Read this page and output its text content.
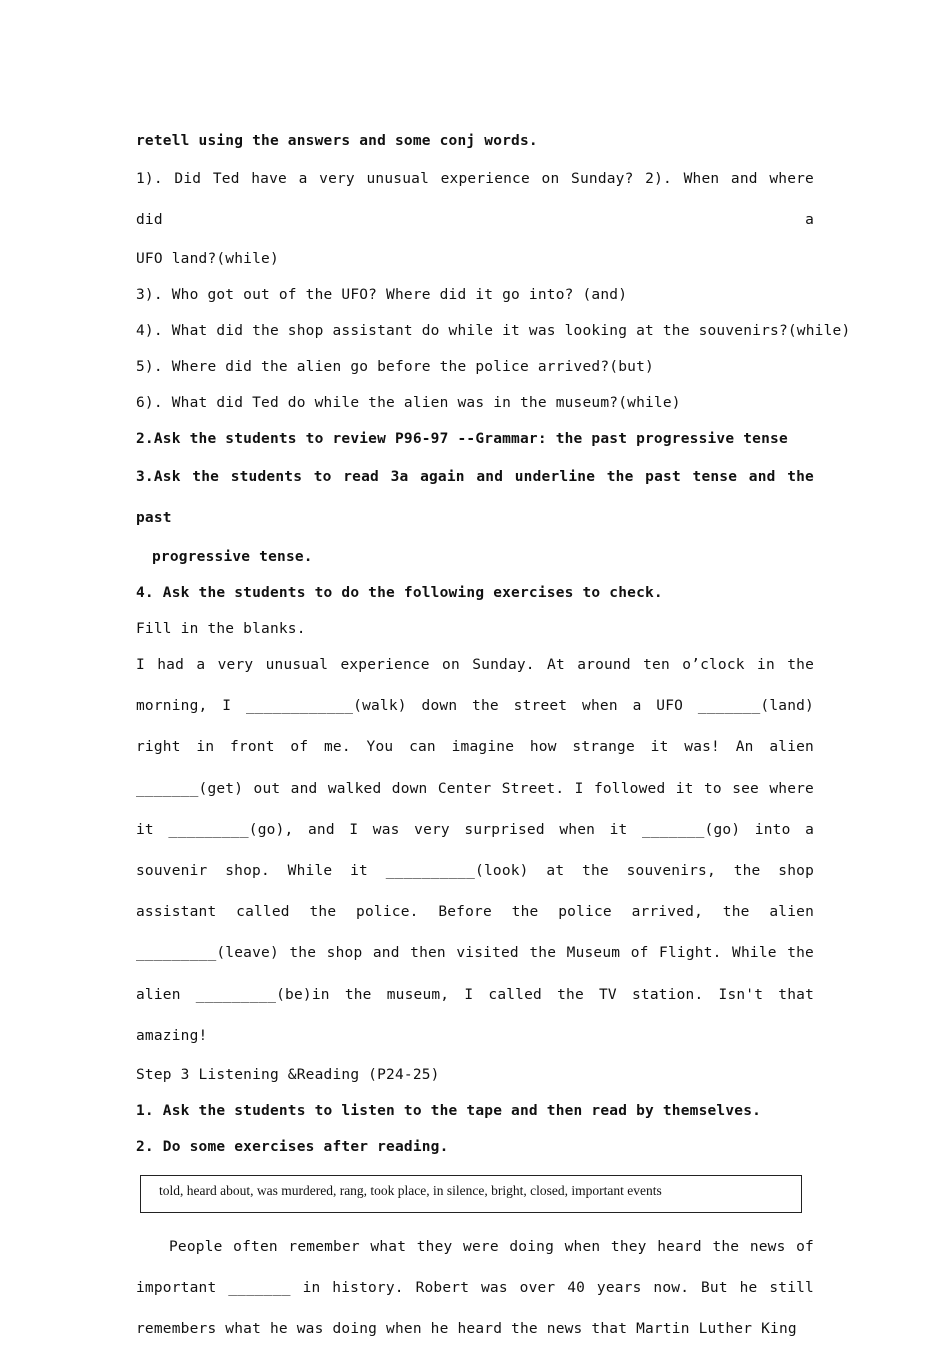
retell using the answers and some conj words.

1). Did Ted have a very unusual experience on Sunday? 2). When and where did a

UFO land?(while)

3). Who got out of the UFO? Where did it go into? (and)

4). What did the shop assistant do while it was looking at the souvenirs?(while)

5). Where did the alien go before the police arrived?(but)

6). What did Ted do while the alien was in the museum?(while)

2.Ask the students to review P96-97 --Grammar: the past progressive tense

3.Ask the students to read 3a again and underline the past tense and the past

progressive tense.

4. Ask the students to do the following exercises to check.

Fill in the blanks.

I had a very unusual experience on Sunday. At around ten o’clock in the morning, I ____________(walk) down the street when a UFO _______(land) right in front of me. You can imagine how strange it was! An alien _______(get) out and walked down Center Street. I followed it to see where it _________(go), and I was very surprised when it _______(go) into a souvenir shop. While it __________(look) at the souvenirs, the shop assistant called the police. Before the police arrived, the alien _________(leave) the shop and then visited the Museum of Flight. While the alien _________(be)in the museum, I called the TV station. Isn't that amazing!

Step 3 Listening &Reading (P24-25)

1. Ask the students to listen to the tape and then read by themselves.

2. Do some exercises after reading.

told, heard about, was murdered, rang, took place, in silence, bright, closed, important events

People often remember what they were doing when they heard the news of important _______ in history. Robert was over 40 years now. But he still remembers what he was doing when he heard the news that Martin Luther King
